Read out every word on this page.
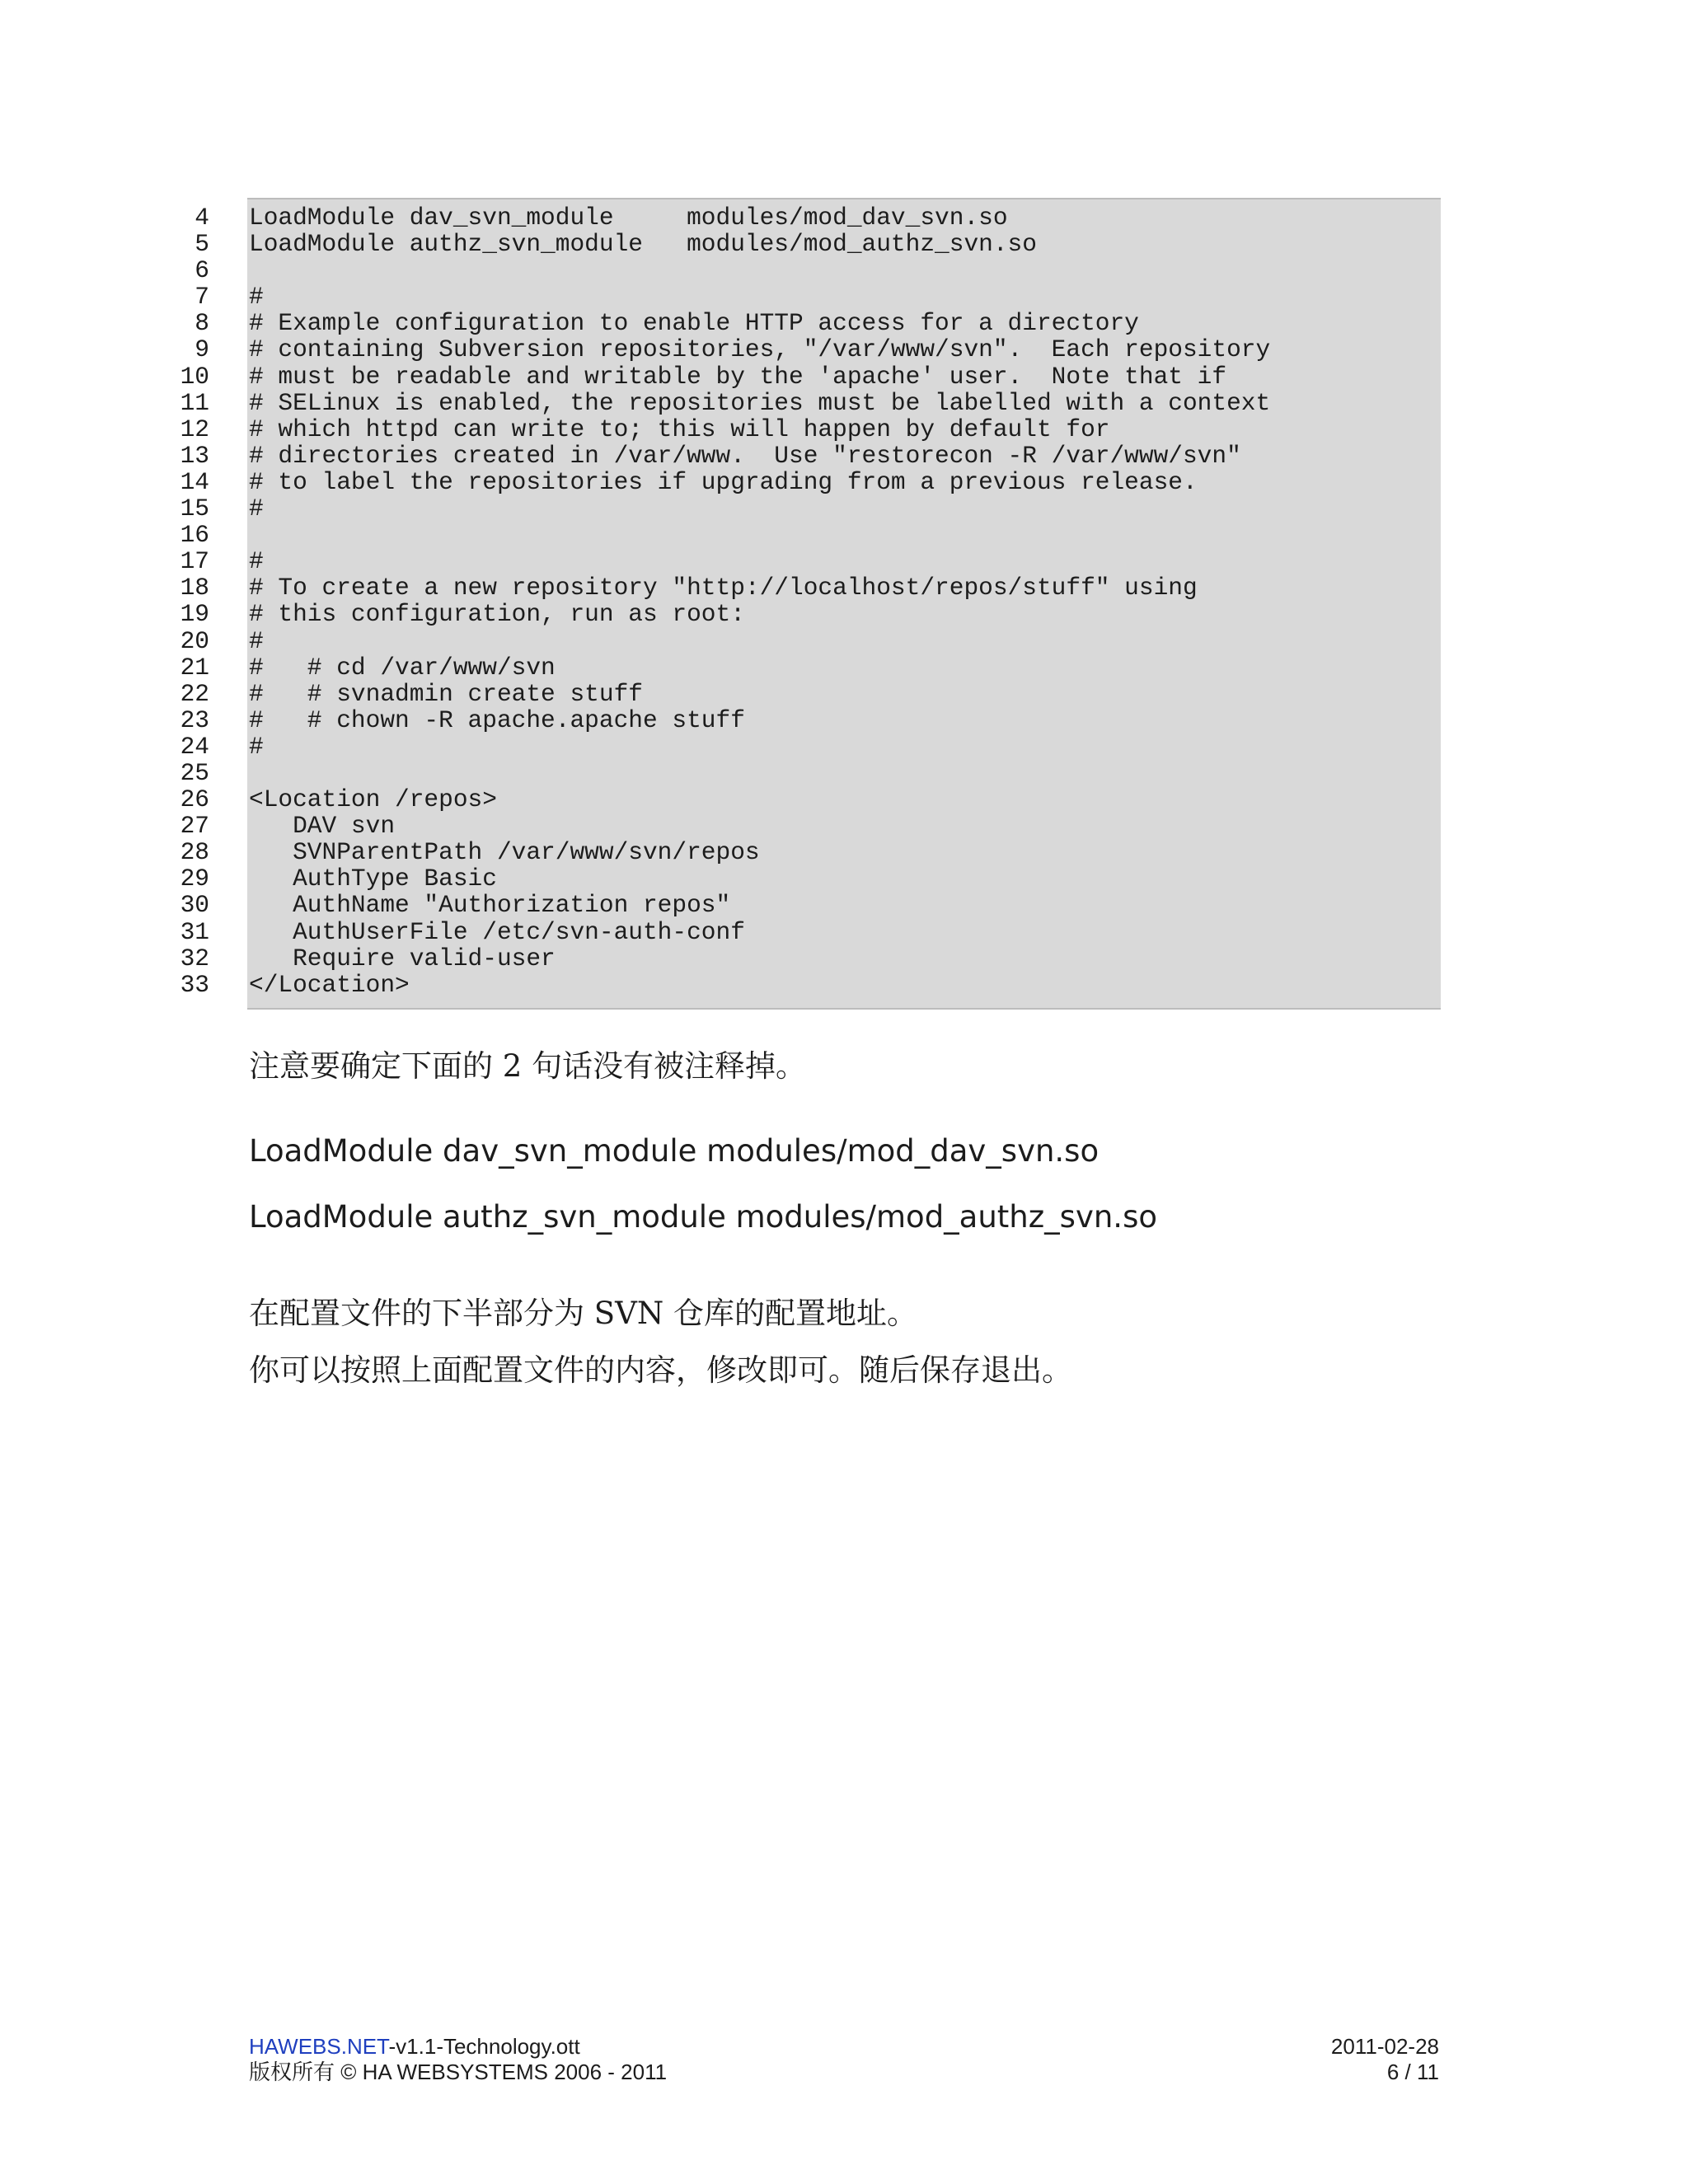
4
5
6
7
8
9
10
11
12
13
14
15
16
17
18
19
20
21
22
23
24
25
26
27
28
29
30
31
32
33
LoadModule dav_svn_module     modules/mod_dav_svn.so
LoadModule authz_svn_module   modules/mod_authz_svn.so
#
# Example configuration to enable HTTP access for a directory
# containing Subversion repositories, "/var/www/svn".  Each repository
# must be readable and writable by the 'apache' user.  Note that if
# SELinux is enabled, the repositories must be labelled with a context
# which httpd can write to; this will happen by default for
# directories created in /var/www.  Use "restorecon -R /var/www/svn"
# to label the repositories if upgrading from a previous release.
#
#
# To create a new repository "http://localhost/repos/stuff" using
# this configuration, run as root:
#
#   # cd /var/www/svn
#   # svnadmin create stuff
#   # chown -R apache.apache stuff
#
<Location /repos>
DAV svn
SVNParentPath /var/www/svn/repos
AuthType Basic
AuthName "Authorization repos"
AuthUserFile /etc/svn-auth-conf
Require valid-user
</Location>
注意要确定下面的 2 句话没有被注释掉。
LoadModule dav_svn_module modules/mod_dav_svn.so
LoadModule authz_svn_module modules/mod_authz_svn.so
在配置文件的下半部分为 SVN 仓库的配置地址。
你可以按照上面配置文件的内容，修改即可。随后保存退出。
HAWEBS.NET-v1.1-Technology.ott
版权所有 © HA WEBSYSTEMS 2006 - 2011
2011-02-28
6 / 11
